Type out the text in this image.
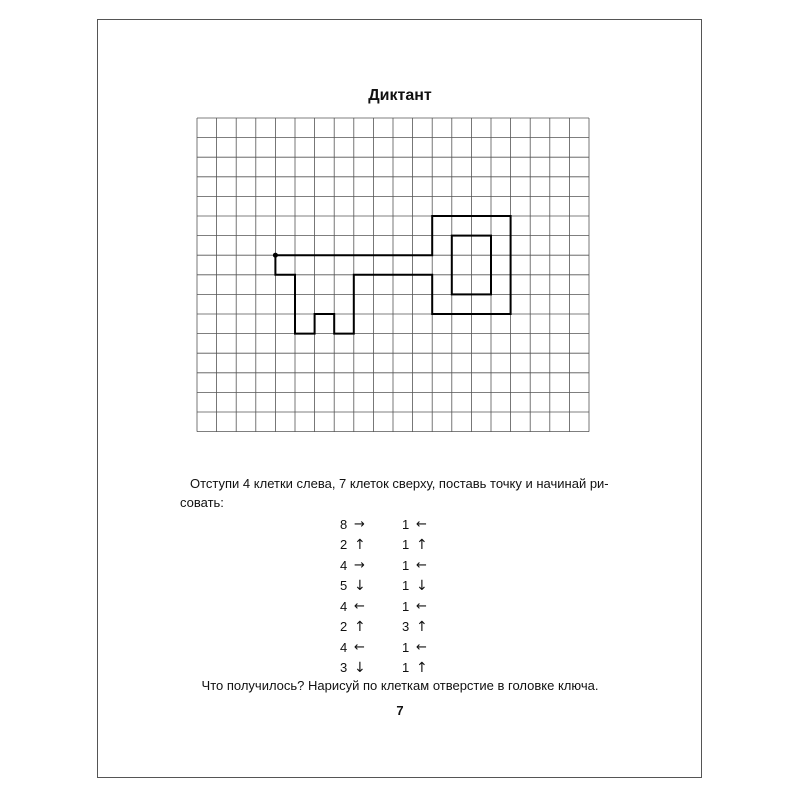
Диктант
Отступи 4 клетки слева, 7 клеток сверху, поставь точку и начинай ри-
совать:
8 →	1 ←
2 ↑	1 ↑
4 →	1 ←
5 ↓	1 ↓
4 ←	1 ←
2 ↑	3 ↑
4 ←	1 ←
3 ↓	1 ↑
Что получилось? Нарисуй по клеткам отверстие в головке ключа.
7
